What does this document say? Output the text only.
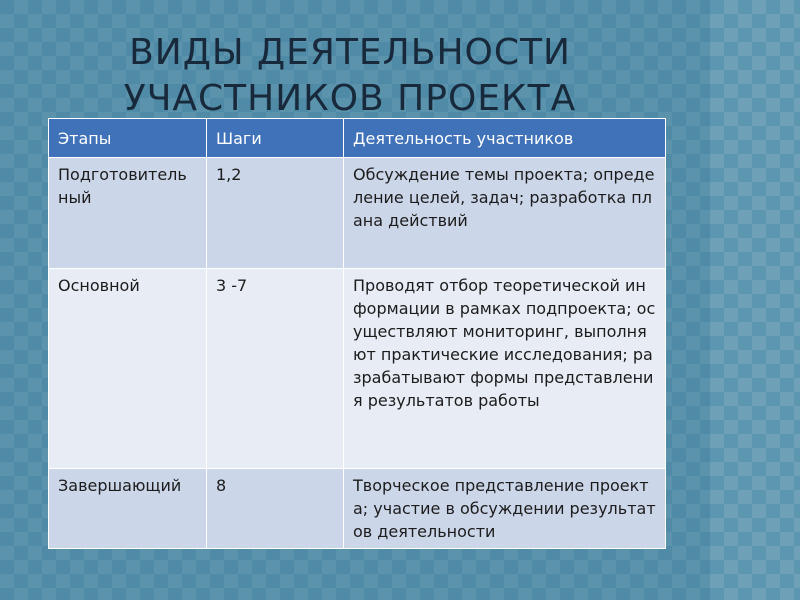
ВИДЫ ДЕЯТЕЛЬНОСТИ
УЧАСТНИКОВ ПРОЕКТА
Этапы	Шаги	Деятельность участников
Подготовительный	1,2	Обсуждение темы проекта; определение целей, задач; разработка плана действий
Основной	3 -7	Проводят отбор теоретической информации в рамках подпроекта; осуществляют мониторинг, выполняют практические исследования; разрабатывают формы представления результатов работы
Завершающий	8	Творческое представление проекта; участие в обсуждении результатов деятельности
